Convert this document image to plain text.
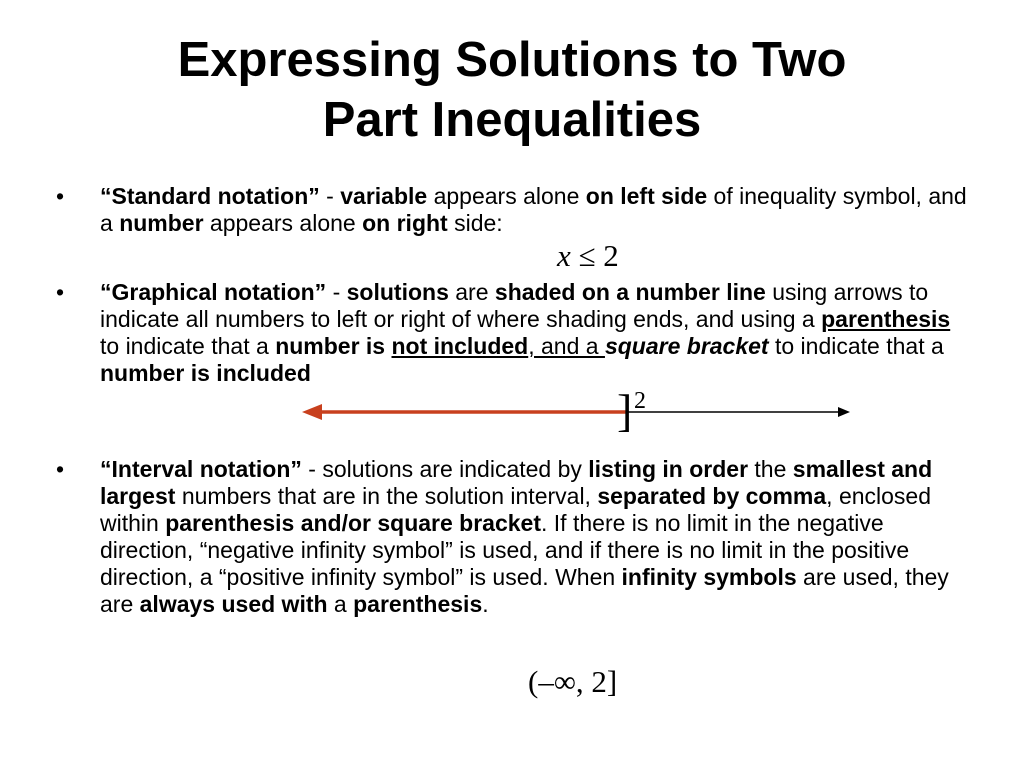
Expressing Solutions to Two
Part Inequalities
• “Standard notation” - variable appears alone on left side of inequality symbol, and a number appears alone on right side:
x ≤ 2
• “Graphical notation” - solutions are shaded on a number line using arrows to indicate all numbers to left or right of where shading ends, and using a parenthesis to indicate that a number is not included, and a square bracket to indicate that a number is included
] 2
• “Interval notation” - solutions are indicated by listing in order the smallest and largest numbers that are in the solution interval, separated by comma, enclosed within parenthesis and/or square bracket. If there is no limit in the negative direction, “negative infinity symbol” is used, and if there is no limit in the positive direction, a “positive infinity symbol” is used. When infinity symbols are used, they are always used with a parenthesis.
(–∞, 2]
